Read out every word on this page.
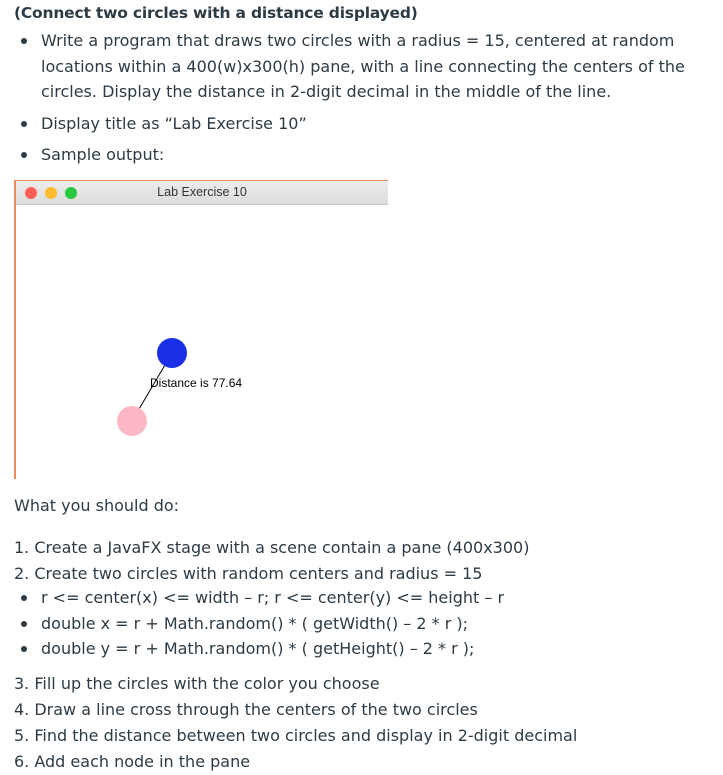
(Connect two circles with a distance displayed)
Write a program that draws two circles with a radius = 15, centered at random locations within a 400(w)x300(h) pane, with a line connecting the centers of the circles. Display the distance in 2-digit decimal in the middle of the line.
Display title as “Lab Exercise 10”
Sample output:
Lab Exercise 10
Distance is 77.64
What you should do:
1. Create a JavaFX stage with a scene contain a pane (400x300)
2. Create two circles with random centers and radius = 15
r <= center(x) <= width – r; r <= center(y) <= height – r
double x = r + Math.random() * ( getWidth() – 2 * r );
double y = r + Math.random() * ( getHeight() – 2 * r );
3. Fill up the circles with the color you choose
4. Draw a line cross through the centers of the two circles
5. Find the distance between two circles and display in 2-digit decimal
6. Add each node in the pane
